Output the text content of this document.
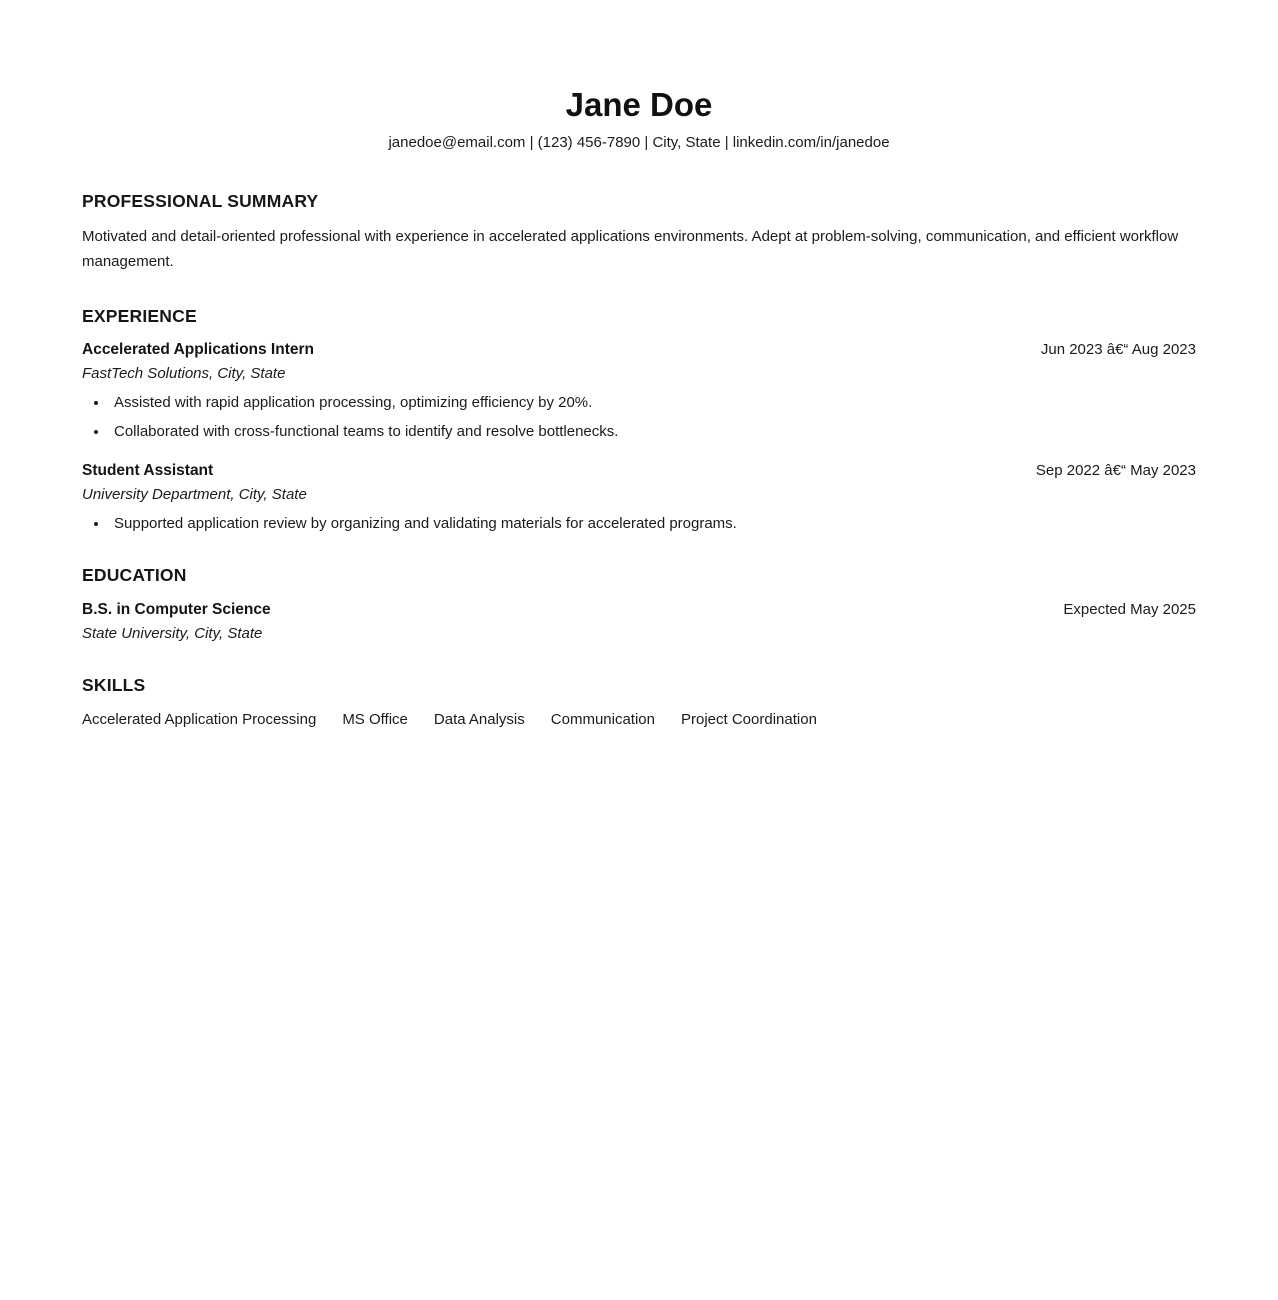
Jane Doe
janedoe@email.com | (123) 456-7890 | City, State | linkedin.com/in/janedoe
PROFESSIONAL SUMMARY
Motivated and detail-oriented professional with experience in accelerated applications environments. Adept at problem-solving, communication, and efficient workflow management.
EXPERIENCE
Accelerated Applications Intern	Jun 2023 â€“ Aug 2023
FastTech Solutions, City, State
• Assisted with rapid application processing, optimizing efficiency by 20%.
• Collaborated with cross-functional teams to identify and resolve bottlenecks.
Student Assistant	Sep 2022 â€“ May 2023
University Department, City, State
• Supported application review by organizing and validating materials for accelerated programs.
EDUCATION
B.S. in Computer Science	Expected May 2025
State University, City, State
SKILLS
Accelerated Application Processing MS Office Data Analysis Communication Project Coordination
